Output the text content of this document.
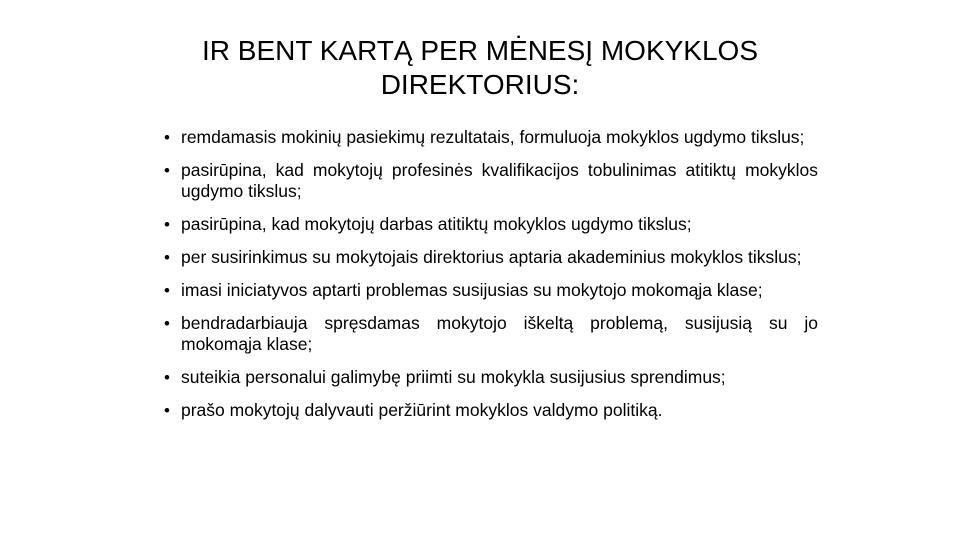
IR BENT KARTĄ PER MĖNESĮ MOKYKLOS
DIREKTORIUS:
• remdamasis mokinių pasiekimų rezultatais, formuluoja mokyklos ugdymo tikslus;
• pasirūpina, kad mokytojų profesinės kvalifikacijos tobulinimas atitiktų mokyklos ugdymo tikslus;
• pasirūpina, kad mokytojų darbas atitiktų mokyklos ugdymo tikslus;
• per susirinkimus su mokytojais direktorius aptaria akademinius mokyklos tikslus;
• imasi iniciatyvos aptarti problemas susijusias su mokytojo mokomąja klase;
• bendradarbiauja spręsdamas mokytojo iškeltą problemą, susijusią su jo mokomąja klase;
• suteikia personalui galimybę priimti su mokykla susijusius sprendimus;
• prašo mokytojų dalyvauti peržiūrint mokyklos valdymo politiką.
